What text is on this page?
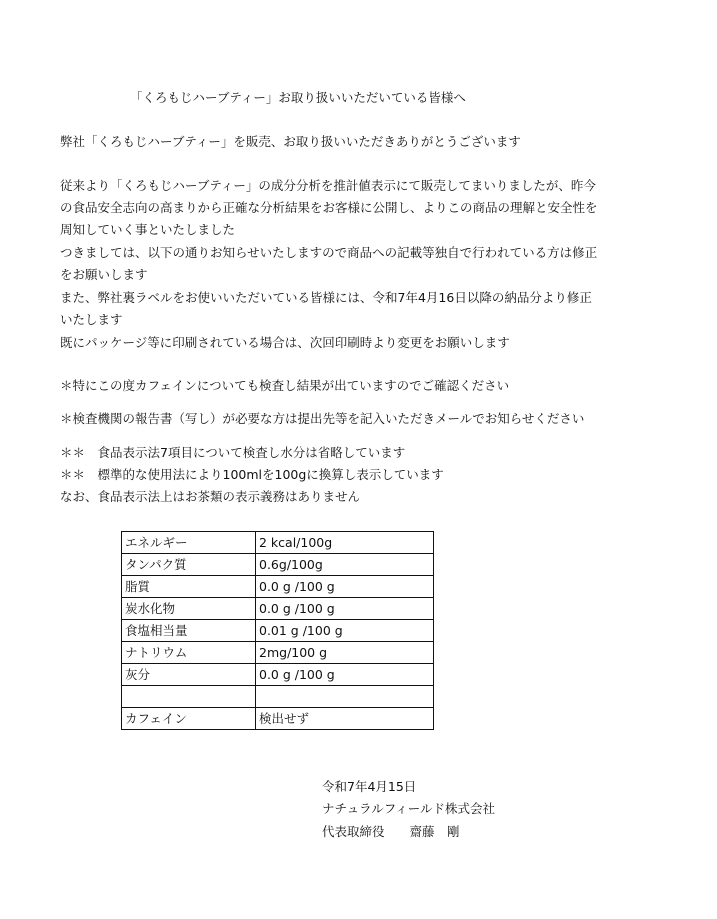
「くろもじハーブティー」お取り扱いいただいている皆様へ
弊社「くろもじハーブティー」を販売、お取り扱いいただきありがとうございます
従来より「くろもじハーブティー」の成分分析を推計値表示にて販売してまいりましたが、昨今
の食品安全志向の高まりから正確な分析結果をお客様に公開し、よりこの商品の理解と安全性を
周知していく事といたしました
つきましては、以下の通りお知らせいたしますので商品への記載等独自で行われている方は修正
をお願いします
また、弊社裏ラベルをお使いいただいている皆様には、令和7年4月16日以降の納品分より修正
いたします
既にパッケージ等に印刷されている場合は、次回印刷時より変更をお願いします
＊特にこの度カフェインについても検査し結果が出ていますのでご確認ください
＊検査機関の報告書（写し）が必要な方は提出先等を記入いただきメールでお知らせください
＊＊　食品表示法7項目について検査し水分は省略しています
＊＊　標準的な使用法により100mlを100gに換算し表示しています
なお、食品表示法上はお茶類の表示義務はありません
エネルギー	2 kcal/100g
タンパク質	0.6g/100g
脂質	0.0 g /100 g
炭水化物	0.0 g /100 g
食塩相当量	0.01 g /100 g
ナトリウム	2mg/100 g
灰分	0.0 g /100 g

カフェイン	検出せず
令和7年4月15日
ナチュラルフィールド株式会社
代表取締役　　齋藤　剛
